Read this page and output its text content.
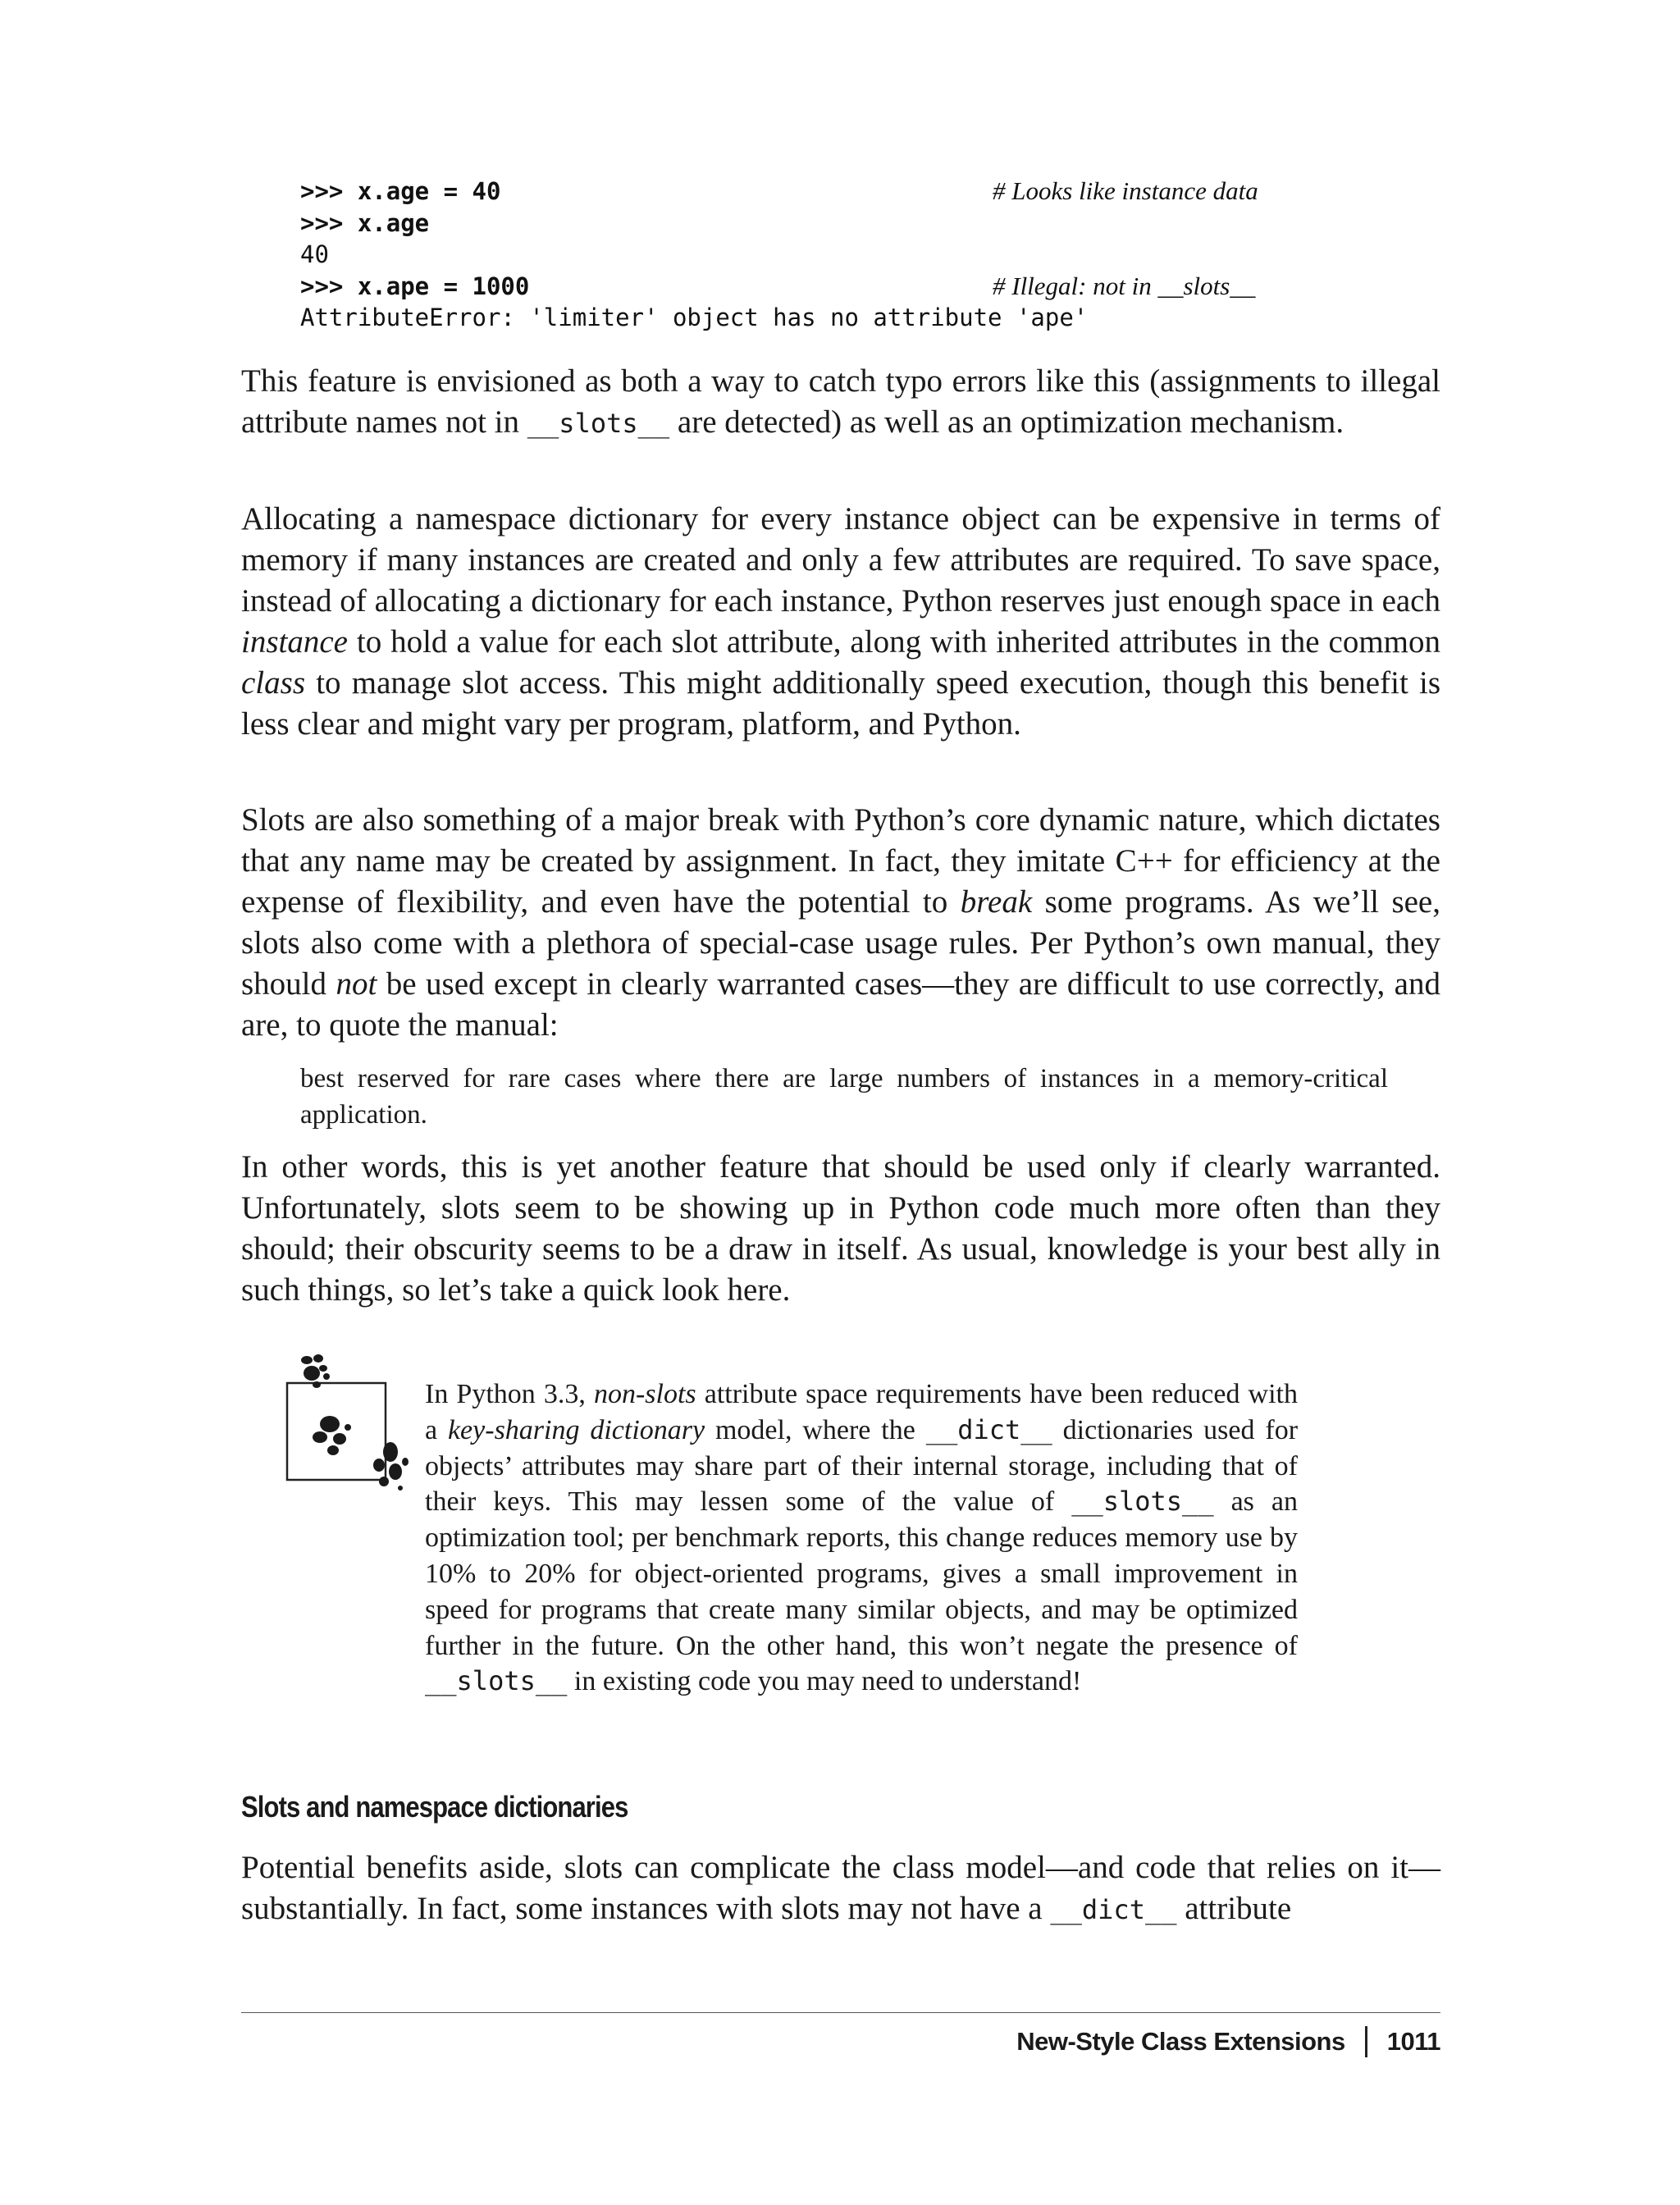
>>> x.age = 40	# Looks like instance data
>>> x.age
40
>>> x.ape = 1000	# Illegal: not in __slots__
AttributeError: 'limiter' object has no attribute 'ape'

This feature is envisioned as both a way to catch typo errors like this (assignments to illegal attribute names not in __slots__ are detected) as well as an optimization mechanism.

Allocating a namespace dictionary for every instance object can be expensive in terms of memory if many instances are created and only a few attributes are required. To save space, instead of allocating a dictionary for each instance, Python reserves just enough space in each instance to hold a value for each slot attribute, along with inherited attributes in the common class to manage slot access. This might additionally speed execution, though this benefit is less clear and might vary per program, platform, and Python.

Slots are also something of a major break with Python’s core dynamic nature, which dictates that any name may be created by assignment. In fact, they imitate C++ for efficiency at the expense of flexibility, and even have the potential to break some programs. As we’ll see, slots also come with a plethora of special-case usage rules. Per Python’s own manual, they should not be used except in clearly warranted cases—they are difficult to use correctly, and are, to quote the manual:

best reserved for rare cases where there are large numbers of instances in a memory-critical application.

In other words, this is yet another feature that should be used only if clearly warranted. Unfortunately, slots seem to be showing up in Python code much more often than they should; their obscurity seems to be a draw in itself. As usual, knowledge is your best ally in such things, so let’s take a quick look here.

In Python 3.3, non-slots attribute space requirements have been reduced with a key-sharing dictionary model, where the __dict__ dictionaries used for objects’ attributes may share part of their internal storage, including that of their keys. This may lessen some of the value of __slots__ as an optimization tool; per benchmark reports, this change reduces memory use by 10% to 20% for object-oriented programs, gives a small improvement in speed for programs that create many similar objects, and may be optimized further in the future. On the other hand, this won’t negate the presence of __slots__ in existing code you may need to understand!

Slots and namespace dictionaries

Potential benefits aside, slots can complicate the class model—and code that relies on it—substantially. In fact, some instances with slots may not have a __dict__ attribute

New-Style Class Extensions 1011
